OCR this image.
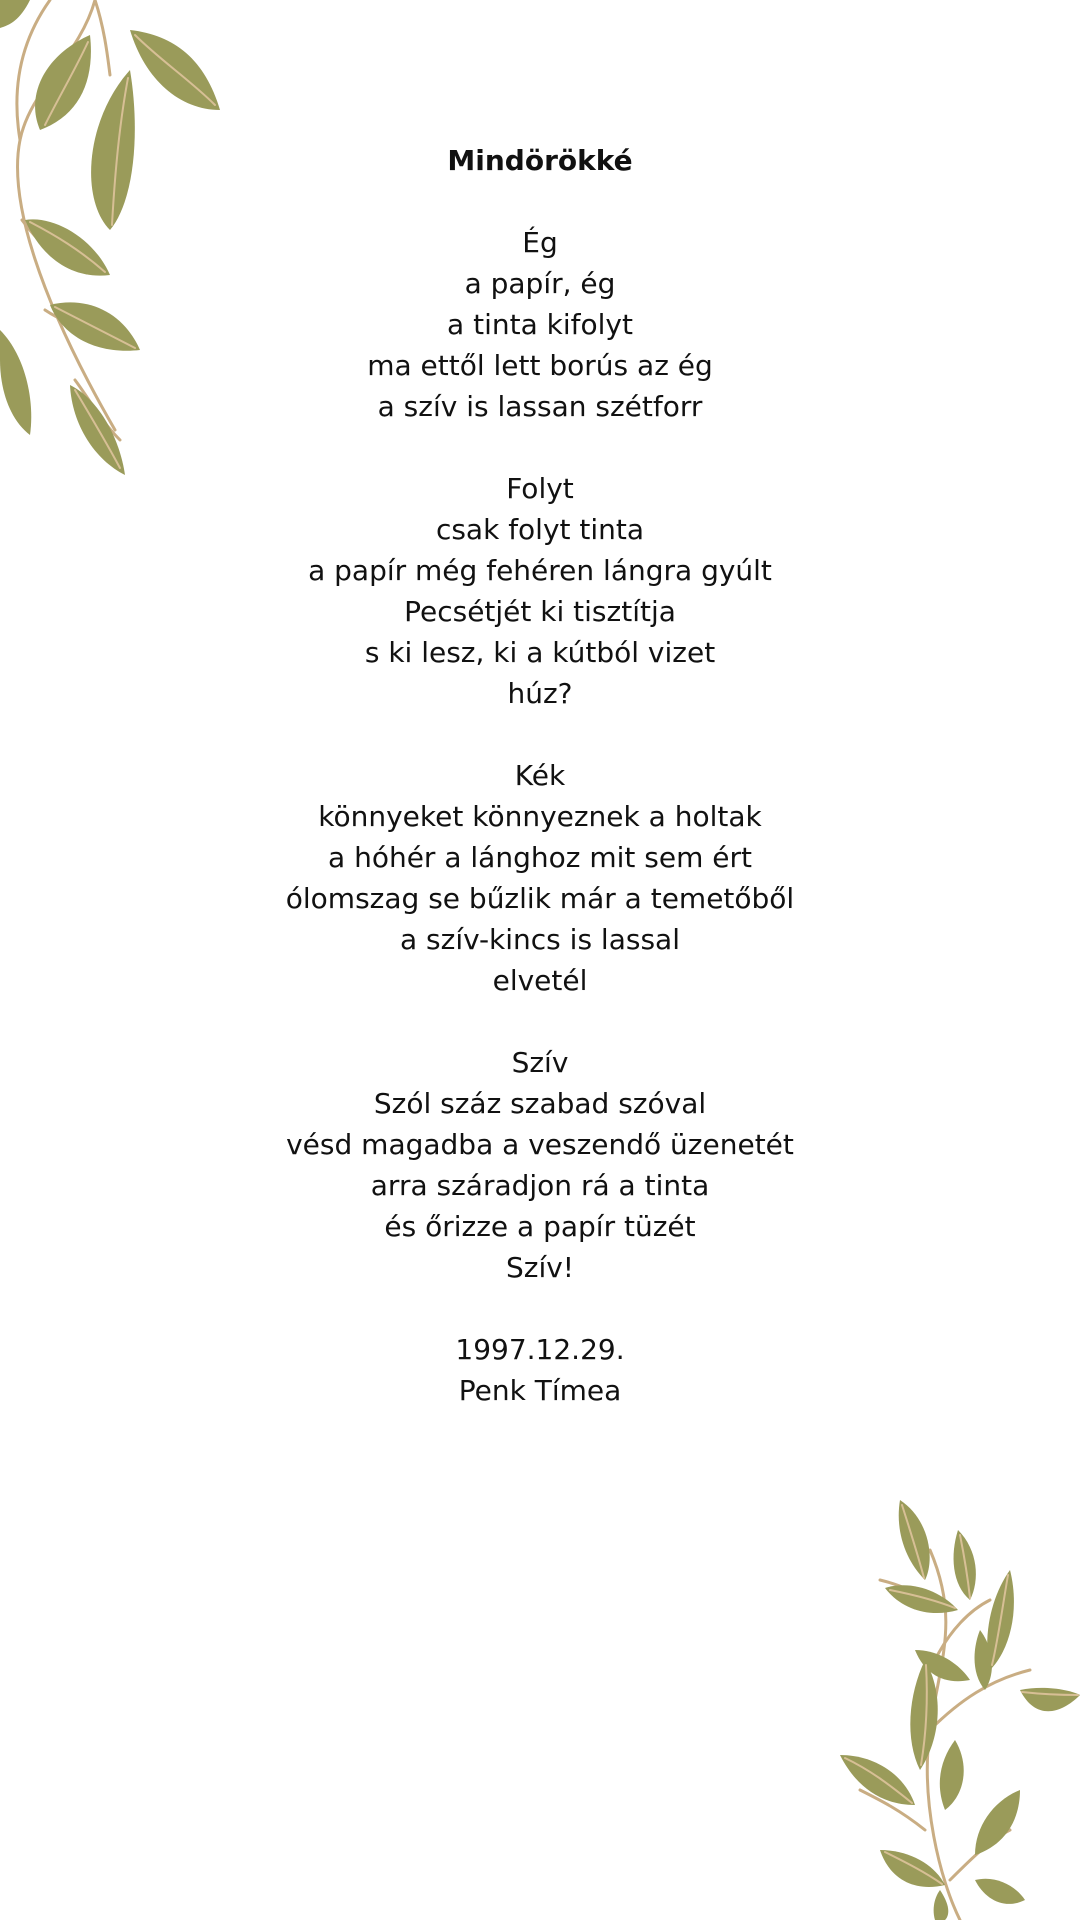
Mindörökké
Ég
a papír, ég
a tinta kifolyt
ma ettől lett borús az ég
a szív is lassan szétforr
Folyt
csak folyt tinta
a papír még fehéren lángra gyúlt
Pecsétjét ki tisztítja
s ki lesz, ki a kútból vizet
húz?
Kék
könnyeket könnyeznek a holtak
a hóhér a lánghoz mit sem ért
ólomszag se bűzlik már a temetőből
a szív-kincs is lassal
elvetél
Szív
Szól száz szabad szóval
vésd magadba a veszendő üzenetét
arra száradjon rá a tinta
és őrizze a papír tüzét
Szív!
1997.12.29.
Penk Tímea
